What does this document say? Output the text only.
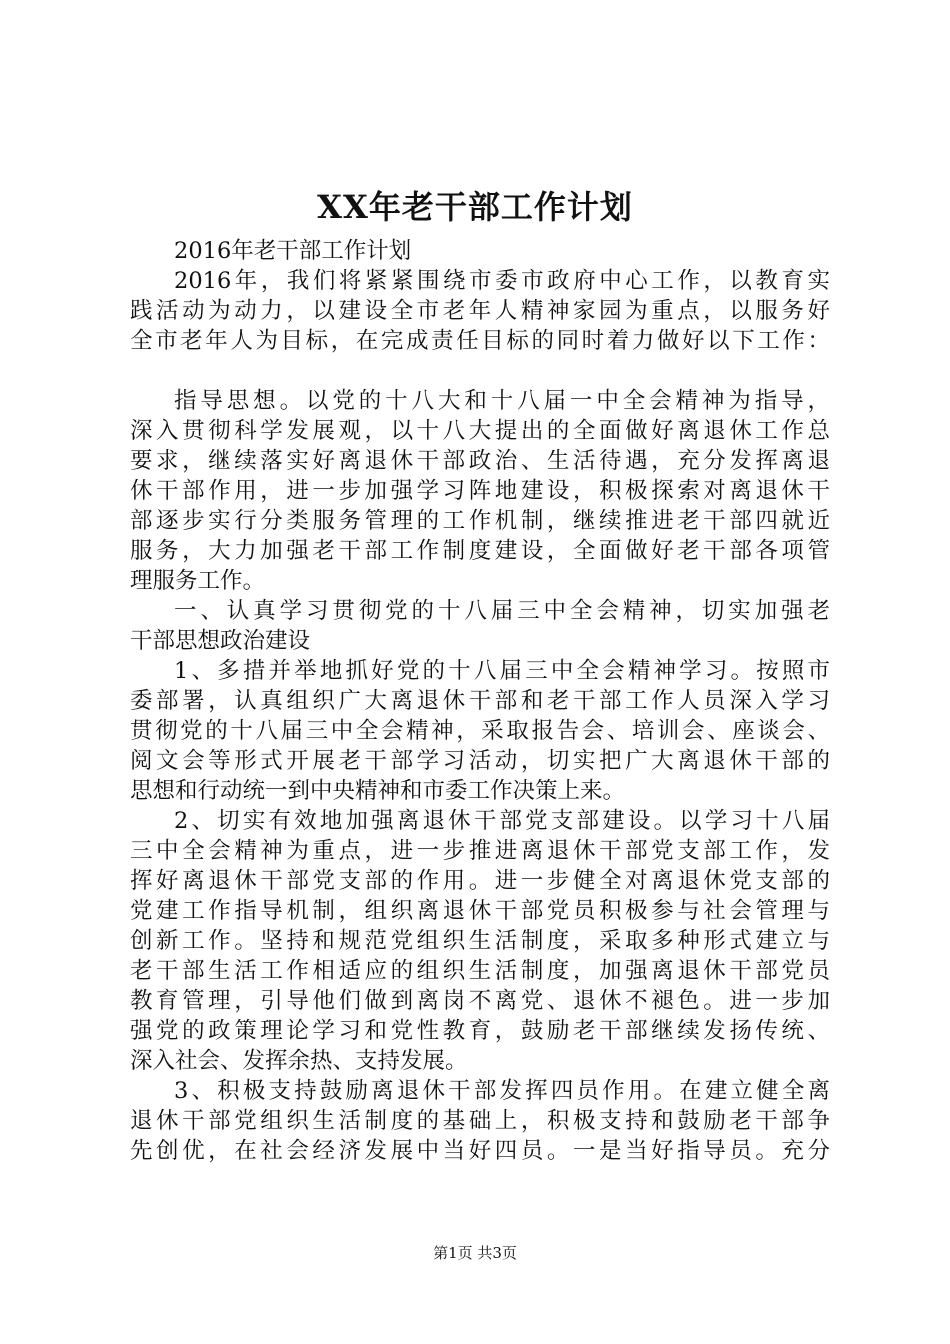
XX年老干部工作计划
2016年老干部工作计划
2016年，我们将紧紧围绕市委市政府中心工作，以教育实
践活动为动力，以建设全市老年人精神家园为重点，以服务好
全市老年人为目标，在完成责任目标的同时着力做好以下工作：
指导思想。以党的十八大和十八届一中全会精神为指导，
深入贯彻科学发展观，以十八大提出的全面做好离退休工作总
要求，继续落实好离退休干部政治、生活待遇，充分发挥离退
休干部作用，进一步加强学习阵地建设，积极探索对离退休干
部逐步实行分类服务管理的工作机制，继续推进老干部四就近
服务，大力加强老干部工作制度建设，全面做好老干部各项管
理服务工作。
一、认真学习贯彻党的十八届三中全会精神，切实加强老
干部思想政治建设
1、多措并举地抓好党的十八届三中全会精神学习。按照市
委部署，认真组织广大离退休干部和老干部工作人员深入学习
贯彻党的十八届三中全会精神，采取报告会、培训会、座谈会、
阅文会等形式开展老干部学习活动，切实把广大离退休干部的
思想和行动统一到中央精神和市委工作决策上来。
2、切实有效地加强离退休干部党支部建设。以学习十八届
三中全会精神为重点，进一步推进离退休干部党支部工作，发
挥好离退休干部党支部的作用。进一步健全对离退休党支部的
党建工作指导机制，组织离退休干部党员积极参与社会管理与
创新工作。坚持和规范党组织生活制度，采取多种形式建立与
老干部生活工作相适应的组织生活制度，加强离退休干部党员
教育管理，引导他们做到离岗不离党、退休不褪色。进一步加
强党的政策理论学习和党性教育，鼓励老干部继续发扬传统、
深入社会、发挥余热、支持发展。
3、积极支持鼓励离退休干部发挥四员作用。在建立健全离
退休干部党组织生活制度的基础上，积极支持和鼓励老干部争
先创优，在社会经济发展中当好四员。一是当好指导员。充分
第1页 共3页
